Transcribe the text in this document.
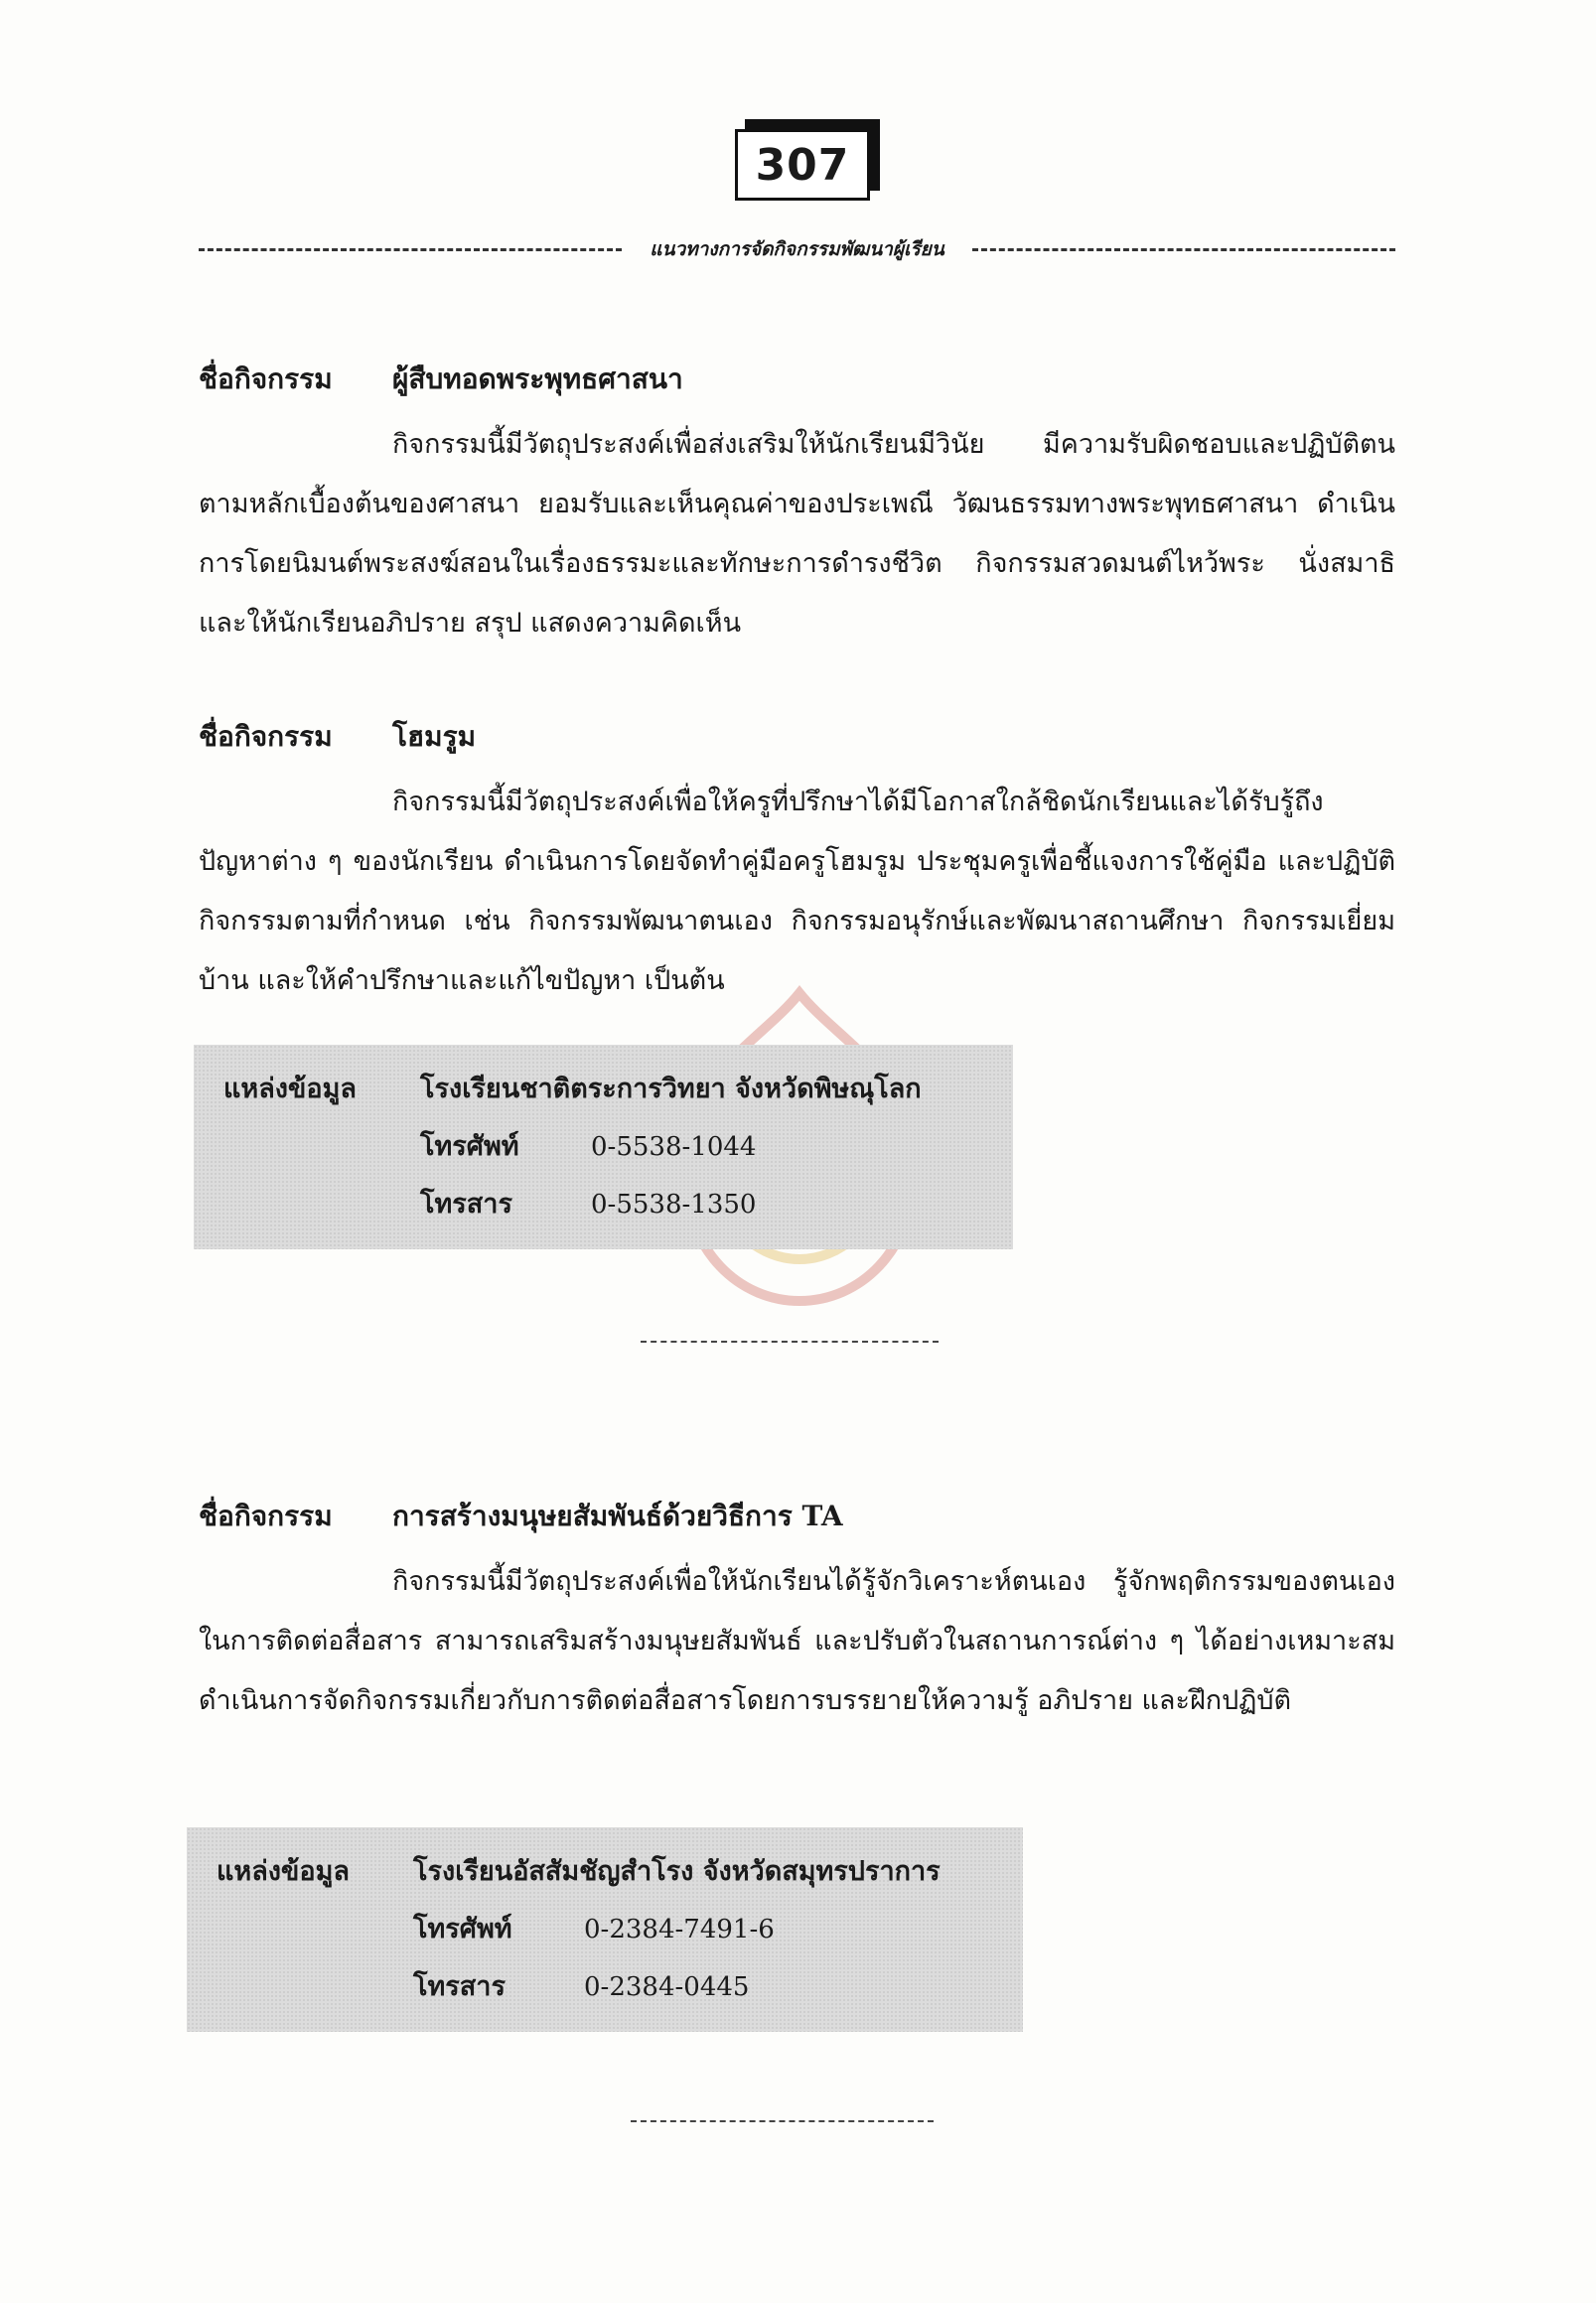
307
แนวทางการจัดกิจกรรมพัฒนาผู้เรียน
ชื่อกิจกรรม	ผู้สืบทอดพระพุทธศาสนา

กิจกรรมนี้มีวัตถุประสงค์เพื่อส่งเสริมให้นักเรียนมีวินัย มีความรับผิดชอบและปฏิบัติตนตามหลักเบื้องต้นของศาสนา ยอมรับและเห็นคุณค่าของประเพณี วัฒนธรรมทางพระพุทธศาสนา ดำเนินการโดยนิมนต์พระสงฆ์สอนในเรื่องธรรมะและทักษะการดำรงชีวิต กิจกรรมสวดมนต์ไหว้พระ นั่งสมาธิ และให้นักเรียนอภิปราย สรุป แสดงความคิดเห็น

ชื่อกิจกรรม	โฮมรูม

กิจกรรมนี้มีวัตถุประสงค์เพื่อให้ครูที่ปรึกษาได้มีโอกาสใกล้ชิดนักเรียนและได้รับรู้ถึงปัญหาต่าง ๆ ของนักเรียน ดำเนินการโดยจัดทำคู่มือครูโฮมรูม ประชุมครูเพื่อชี้แจงการใช้คู่มือ และปฏิบัติกิจกรรมตามที่กำหนด เช่น กิจกรรมพัฒนาตนเอง กิจกรรมอนุรักษ์และพัฒนาสถานศึกษา กิจกรรมเยี่ยมบ้าน และให้คำปรึกษาและแก้ไขปัญหา เป็นต้น

แหล่งข้อมูล	โรงเรียนชาติตระการวิทยา จังหวัดพิษณุโลก
โทรศัพท์	0-5538-1044
โทรสาร	0-5538-1350
ชื่อกิจกรรม	การสร้างมนุษยสัมพันธ์ด้วยวิธีการ TA

กิจกรรมนี้มีวัตถุประสงค์เพื่อให้นักเรียนได้รู้จักวิเคราะห์ตนเอง รู้จักพฤติกรรมของตนเองในการติดต่อสื่อสาร สามารถเสริมสร้างมนุษยสัมพันธ์ และปรับตัวในสถานการณ์ต่าง ๆ ได้อย่างเหมาะสม ดำเนินการจัดกิจกรรมเกี่ยวกับการติดต่อสื่อสารโดยการบรรยายให้ความรู้ อภิปราย และฝึกปฏิบัติ

แหล่งข้อมูล	โรงเรียนอัสสัมชัญสำโรง จังหวัดสมุทรปราการ
โทรศัพท์	0-2384-7491-6
โทรสาร	0-2384-0445
